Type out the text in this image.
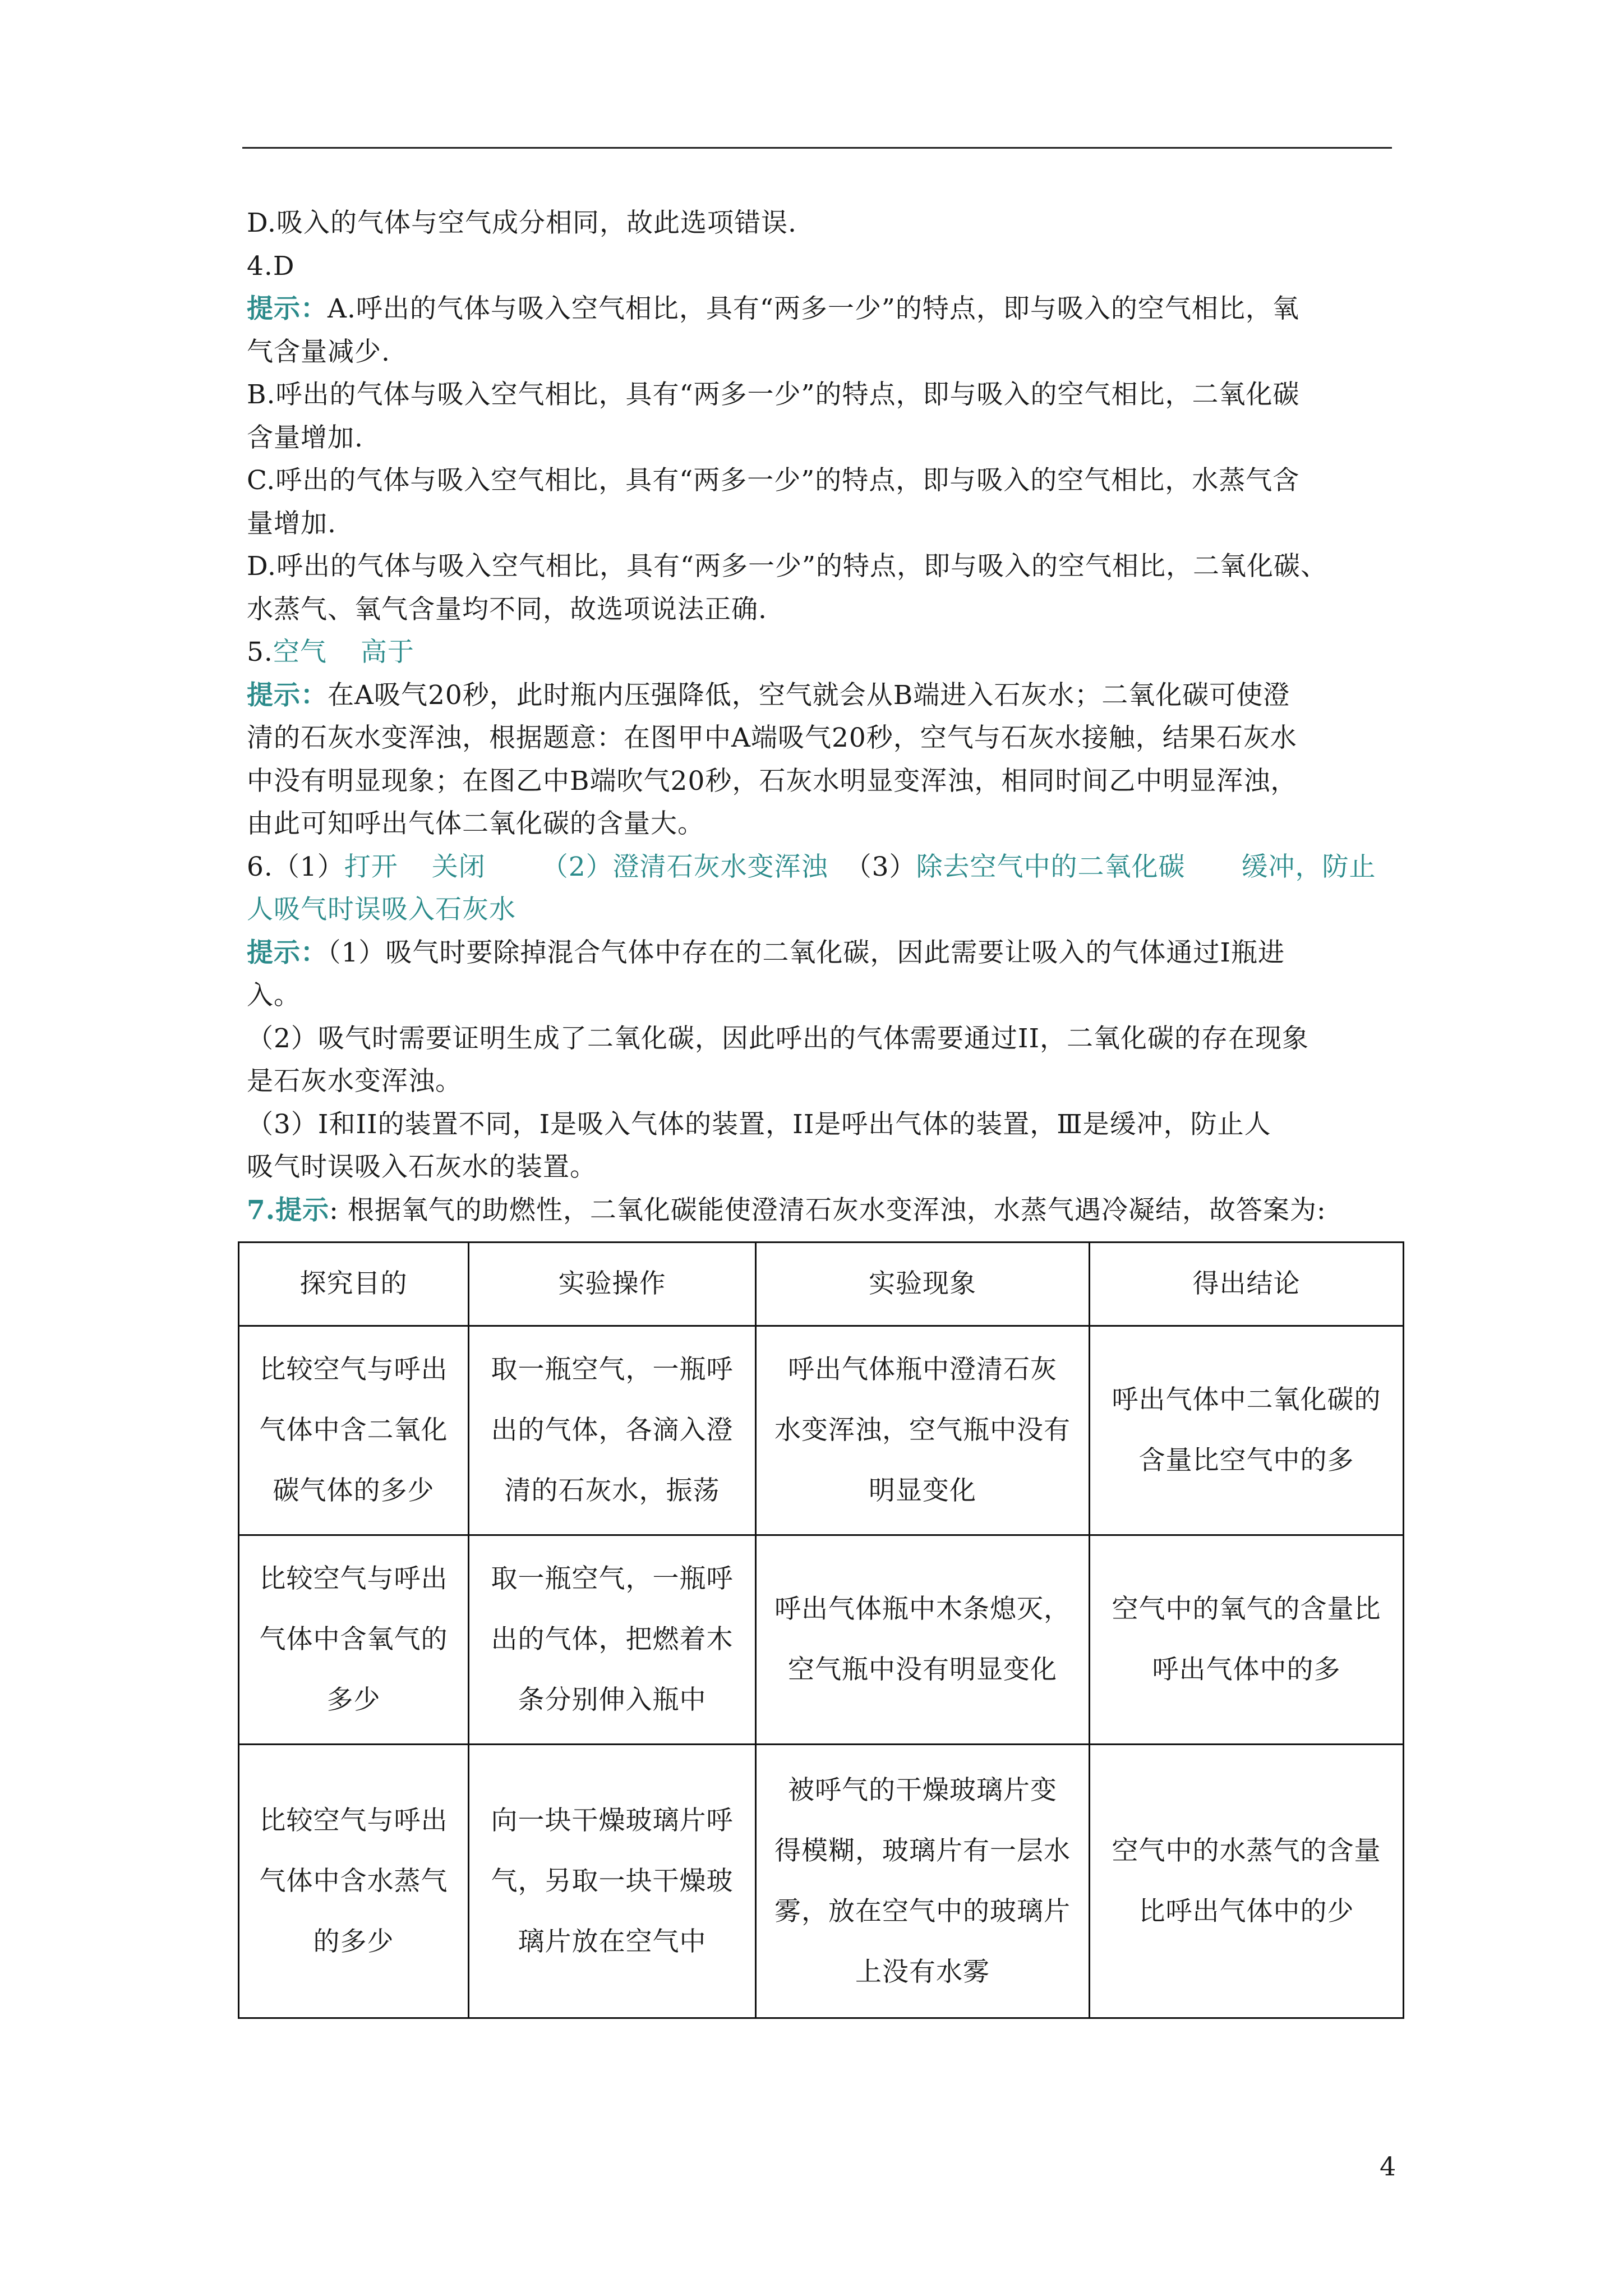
D.吸入的气体与空气成分相同，故此选项错误.
4.D
提示：A.呼出的气体与吸入空气相比，具有“两多一少”的特点，即与吸入的空气相比，氧
气含量减少.
B.呼出的气体与吸入空气相比，具有“两多一少”的特点，即与吸入的空气相比，二氧化碳
含量增加.
C.呼出的气体与吸入空气相比，具有“两多一少”的特点，即与吸入的空气相比，水蒸气含
量增加.
D.呼出的气体与吸入空气相比，具有“两多一少”的特点，即与吸入的空气相比，二氧化碳、
水蒸气、氧气含量均不同，故选项说法正确.
5.空气 高于
提示：在A吸气20秒，此时瓶内压强降低，空气就会从B端进入石灰水；二氧化碳可使澄
清的石灰水变浑浊，根据题意：在图甲中A端吸气20秒，空气与石灰水接触，结果石灰水
中没有明显现象；在图乙中B端吹气20秒，石灰水明显变浑浊，相同时间乙中明显浑浊，
由此可知呼出气体二氧化碳的含量大。
6.（1）打开 关闭 （2）澄清石灰水变浑浊 （3）除去空气中的二氧化碳 缓冲，防止
人吸气时误吸入石灰水
提示：（1）吸气时要除掉混合气体中存在的二氧化碳，因此需要让吸入的气体通过I瓶进
入。
（2）吸气时需要证明生成了二氧化碳，因此呼出的气体需要通过II，二氧化碳的存在现象
是石灰水变浑浊。
（3）I和II的装置不同，I是吸入气体的装置，II是呼出气体的装置，Ⅲ是缓冲，防止人
吸气时误吸入石灰水的装置。
7.提示: 根据氧气的助燃性，二氧化碳能使澄清石灰水变浑浊，水蒸气遇冷凝结，故答案为:
探究目的	实验操作	实验现象	得出结论

比较空气与呼出
气体中含二氧化
碳气体的多少	取一瓶空气，一瓶呼
出的气体，各滴入澄
清的石灰水，振荡	呼出气体瓶中澄清石灰
水变浑浊，空气瓶中没有
明显变化	呼出气体中二氧化碳的
含量比空气中的多

比较空气与呼出
气体中含氧气的
多少	取一瓶空气，一瓶呼
出的气体，把燃着木
条分别伸入瓶中	呼出气体瓶中木条熄灭，
空气瓶中没有明显变化	空气中的氧气的含量比
呼出气体中的多

比较空气与呼出
气体中含水蒸气
的多少	向一块干燥玻璃片呼
气，另取一块干燥玻
璃片放在空气中	被呼气的干燥玻璃片变
得模糊，玻璃片有一层水
雾，放在空气中的玻璃片
上没有水雾	空气中的水蒸气的含量
比呼出气体中的少
4
